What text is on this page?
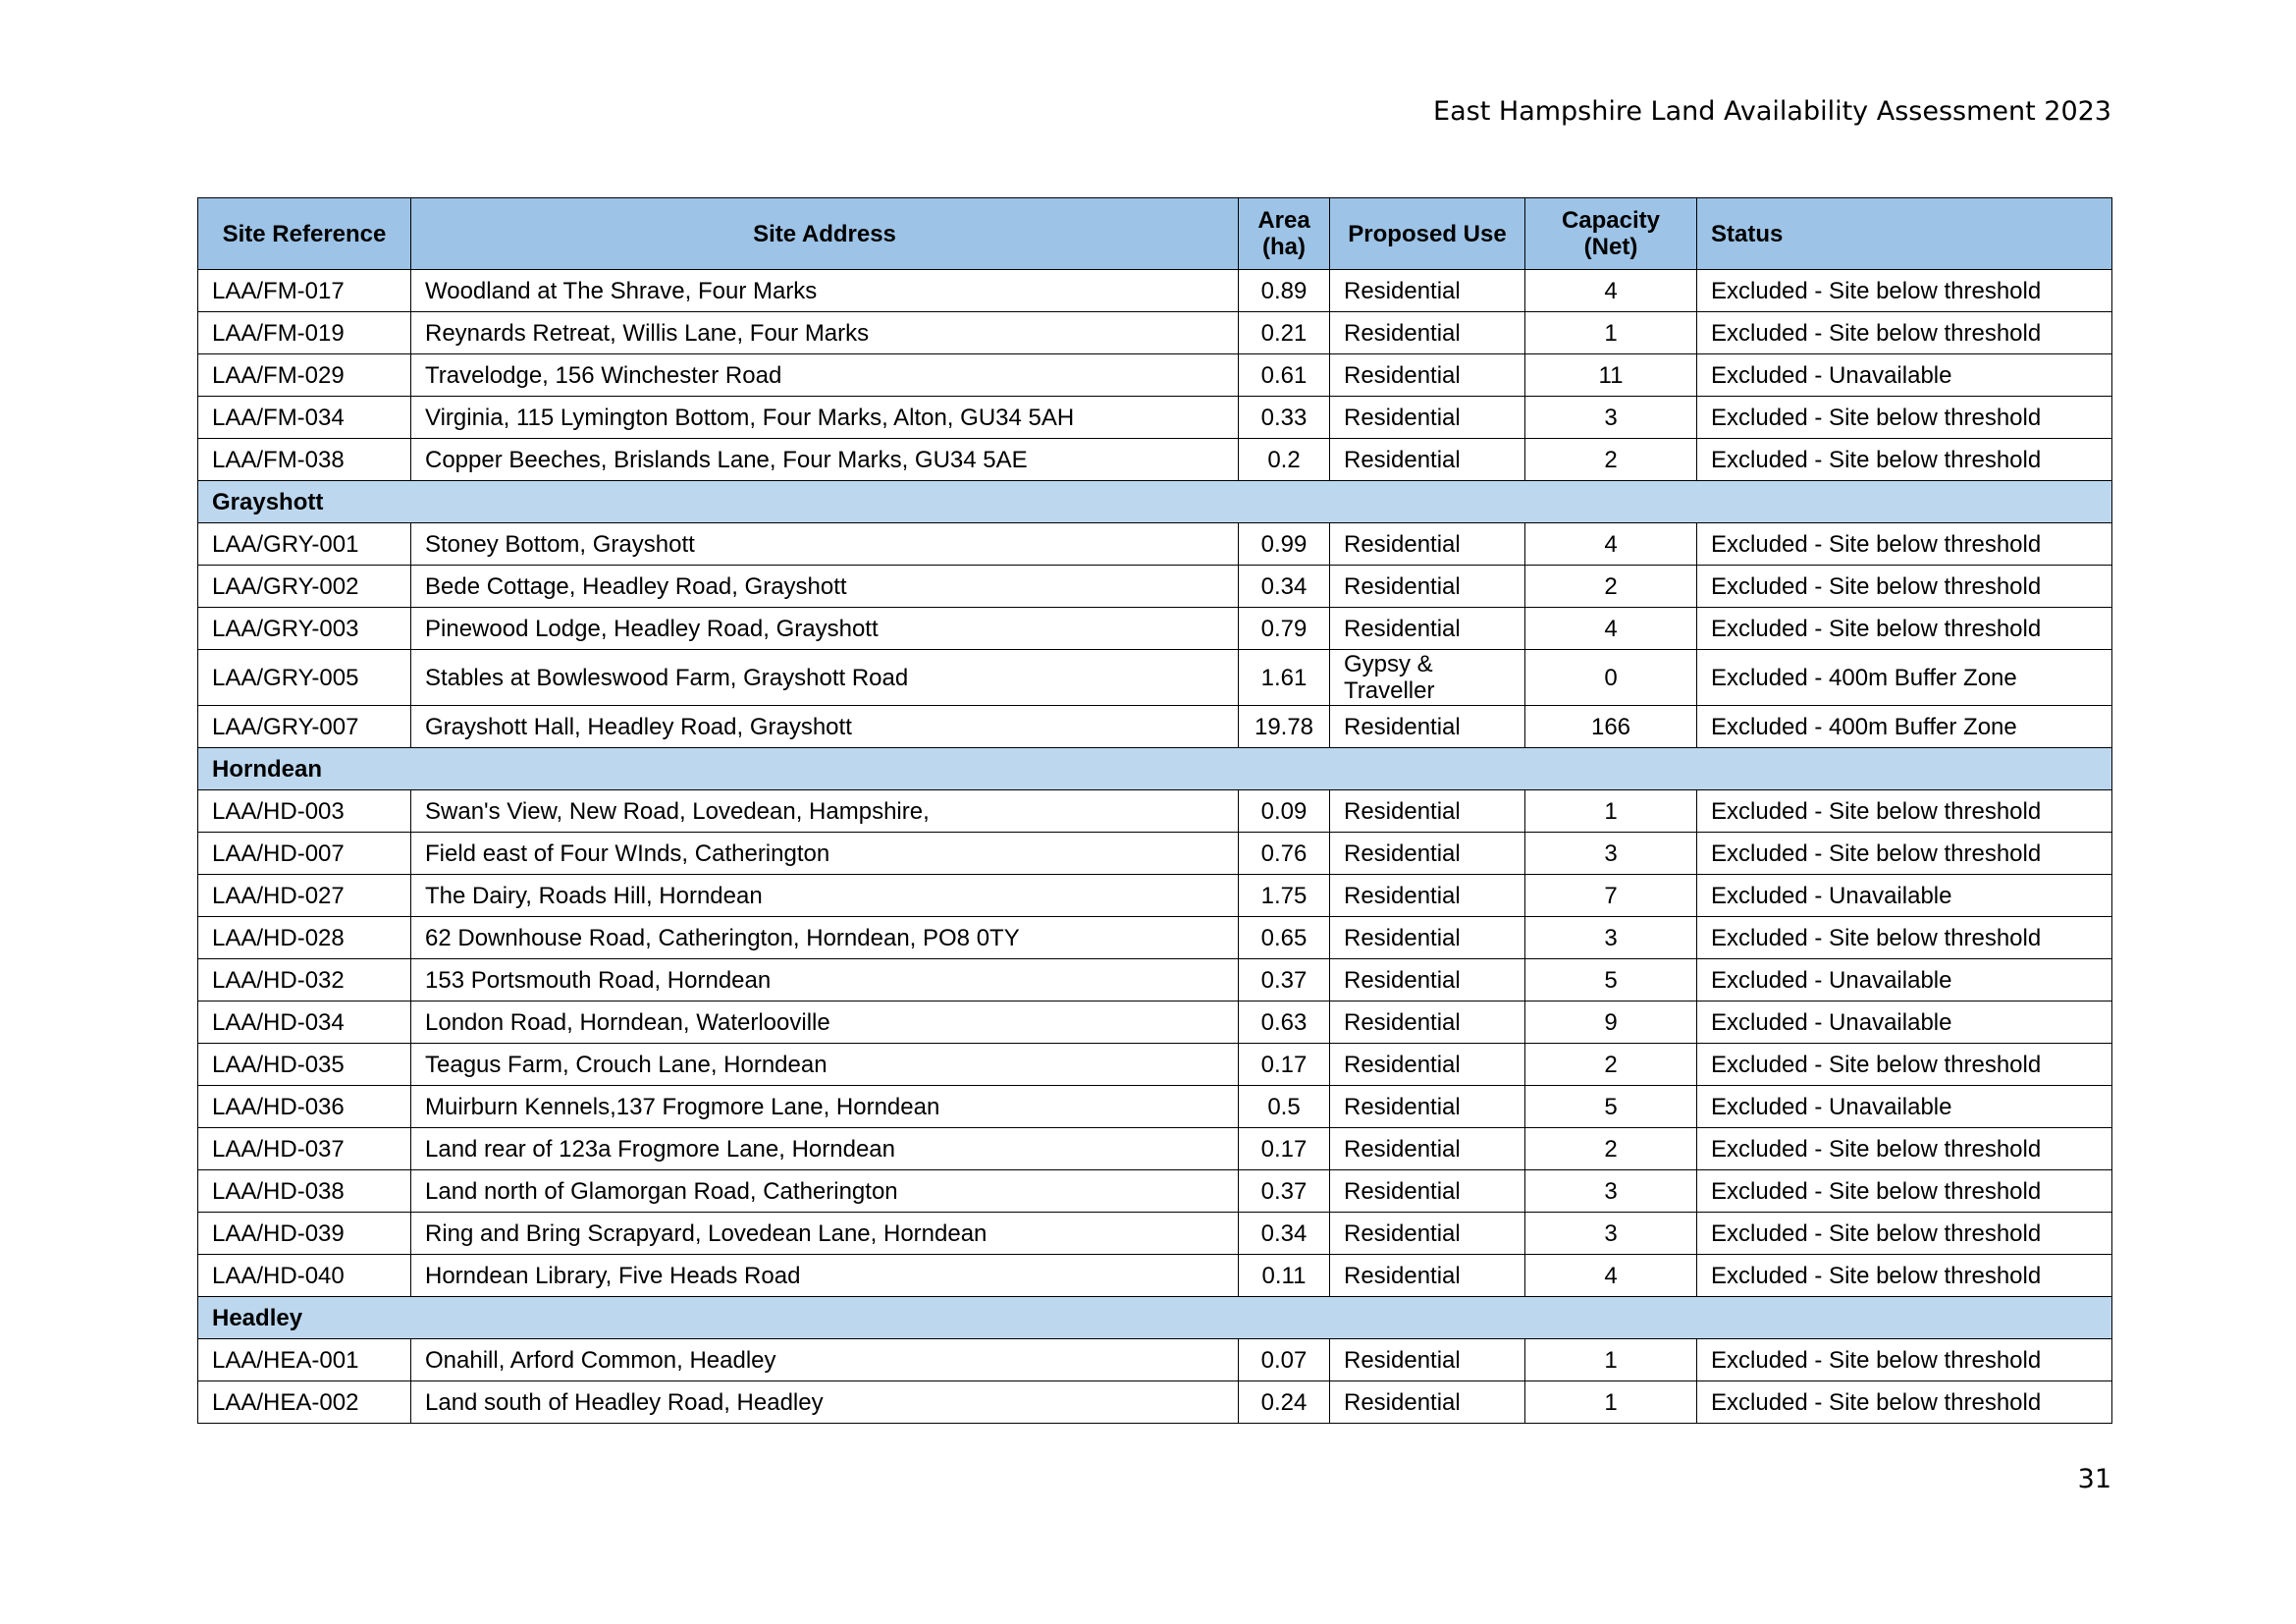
East Hampshire Land Availability Assessment 2023
Site Reference	Site Address	Area (ha)	Proposed Use	Capacity (Net)	Status
LAA/FM-017	Woodland at The Shrave, Four Marks	0.89	Residential	4	Excluded - Site below threshold
LAA/FM-019	Reynards Retreat, Willis Lane, Four Marks	0.21	Residential	1	Excluded - Site below threshold
LAA/FM-029	Travelodge, 156 Winchester Road	0.61	Residential	11	Excluded - Unavailable
LAA/FM-034	Virginia, 115 Lymington Bottom, Four Marks, Alton, GU34 5AH	0.33	Residential	3	Excluded - Site below threshold
LAA/FM-038	Copper Beeches, Brislands Lane, Four Marks, GU34 5AE	0.2	Residential	2	Excluded - Site below threshold
Grayshott					
LAA/GRY-001	Stoney Bottom, Grayshott	0.99	Residential	4	Excluded - Site below threshold
LAA/GRY-002	Bede Cottage, Headley Road, Grayshott	0.34	Residential	2	Excluded - Site below threshold
LAA/GRY-003	Pinewood Lodge, Headley Road, Grayshott	0.79	Residential	4	Excluded - Site below threshold
LAA/GRY-005	Stables at Bowleswood Farm, Grayshott Road	1.61	Gypsy & Traveller	0	Excluded - 400m Buffer Zone
LAA/GRY-007	Grayshott Hall, Headley Road, Grayshott	19.78	Residential	166	Excluded - 400m Buffer Zone
Horndean					
LAA/HD-003	Swan's View, New Road, Lovedean, Hampshire,	0.09	Residential	1	Excluded - Site below threshold
LAA/HD-007	Field east of Four WInds, Catherington	0.76	Residential	3	Excluded - Site below threshold
LAA/HD-027	The Dairy, Roads Hill, Horndean	1.75	Residential	7	Excluded - Unavailable
LAA/HD-028	62 Downhouse Road, Catherington, Horndean, PO8 0TY	0.65	Residential	3	Excluded - Site below threshold
LAA/HD-032	153 Portsmouth Road, Horndean	0.37	Residential	5	Excluded - Unavailable
LAA/HD-034	London Road, Horndean, Waterlooville	0.63	Residential	9	Excluded - Unavailable
LAA/HD-035	Teagus Farm, Crouch Lane, Horndean	0.17	Residential	2	Excluded - Site below threshold
LAA/HD-036	Muirburn Kennels,137 Frogmore Lane, Horndean	0.5	Residential	5	Excluded - Unavailable
LAA/HD-037	Land rear of 123a Frogmore Lane, Horndean	0.17	Residential	2	Excluded - Site below threshold
LAA/HD-038	Land north of Glamorgan Road, Catherington	0.37	Residential	3	Excluded - Site below threshold
LAA/HD-039	Ring and Bring Scrapyard, Lovedean Lane, Horndean	0.34	Residential	3	Excluded - Site below threshold
LAA/HD-040	Horndean Library, Five Heads Road	0.11	Residential	4	Excluded - Site below threshold
Headley					
LAA/HEA-001	Onahill, Arford Common, Headley	0.07	Residential	1	Excluded - Site below threshold
LAA/HEA-002	Land south of Headley Road, Headley	0.24	Residential	1	Excluded - Site below threshold
31
